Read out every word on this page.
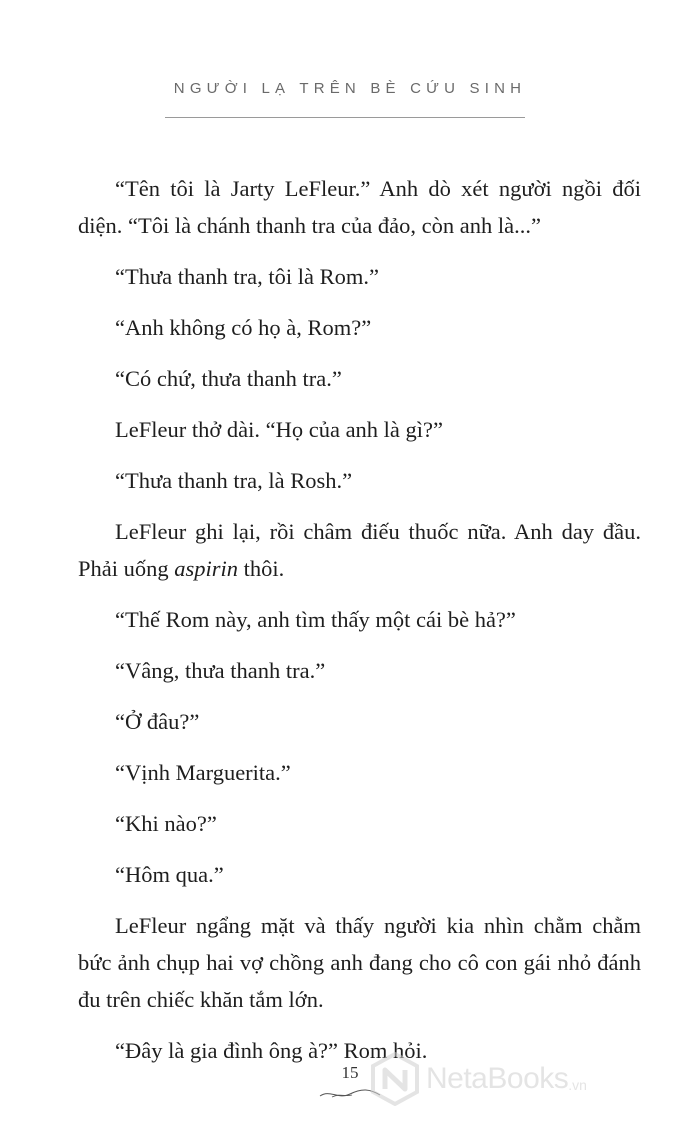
NGƯỜI LẠ TRÊN BÈ CỨU SINH

“Tên tôi là Jarty LeFleur.” Anh dò xét người ngồi đối diện. “Tôi là chánh thanh tra của đảo, còn anh là...”

“Thưa thanh tra, tôi là Rom.”

“Anh không có họ à, Rom?”

“Có chứ, thưa thanh tra.”

LeFleur thở dài. “Họ của anh là gì?”

“Thưa thanh tra, là Rosh.”

LeFleur ghi lại, rồi châm điếu thuốc nữa. Anh day đầu. Phải uống aspirin thôi.

“Thế Rom này, anh tìm thấy một cái bè hả?”

“Vâng, thưa thanh tra.”

“Ở đâu?”

“Vịnh Marguerita.”

“Khi nào?”

“Hôm qua.”

LeFleur ngẩng mặt và thấy người kia nhìn chằm chằm bức ảnh chụp hai vợ chồng anh đang cho cô con gái nhỏ đánh đu trên chiếc khăn tắm lớn.

“Đây là gia đình ông à?” Rom hỏi.

15	NetaBooks .vn
